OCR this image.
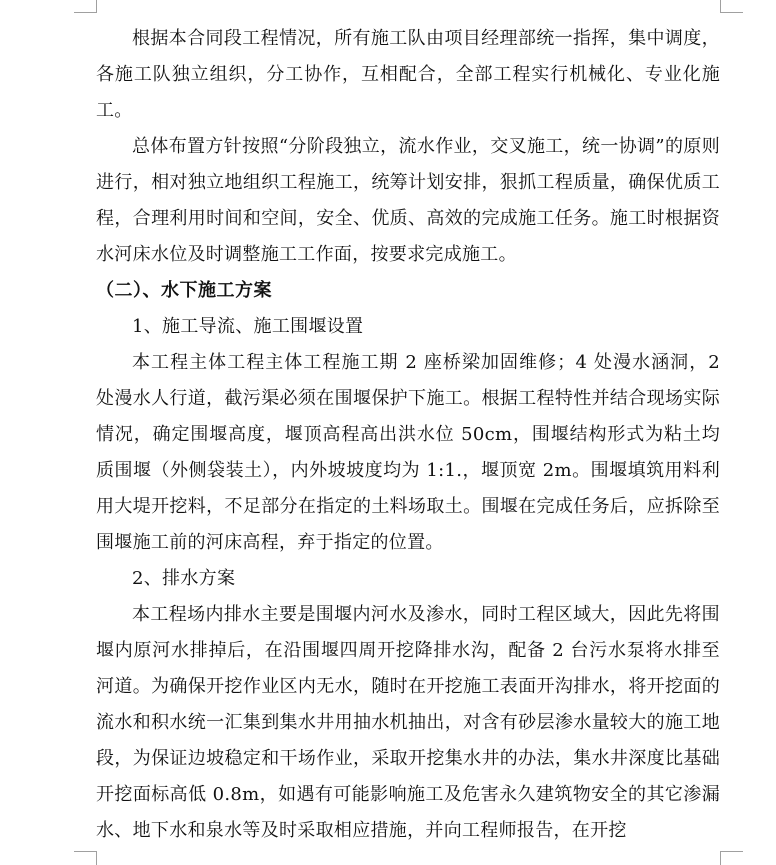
根据本合同段工程情况，所有施工队由项目经理部统一指挥，集中调度，各施工队独立组织，分工协作，互相配合，全部工程实行机械化、专业化施工。

总体布置方针按照“分阶段独立，流水作业，交叉施工，统一协调”的原则进行，相对独立地组织工程施工，统筹计划安排，狠抓工程质量，确保优质工程，合理利用时间和空间，安全、优质、高效的完成施工任务。施工时根据资水河床水位及时调整施工工作面，按要求完成施工。

（二）、水下施工方案

1、施工导流、施工围堰设置

本工程主体工程主体工程施工期 2 座桥梁加固维修；4 处漫水涵洞，2 处漫水人行道，截污渠必须在围堰保护下施工。根据工程特性并结合现场实际情况，确定围堰高度，堰顶高程高出洪水位 50cm，围堰结构形式为粘土均质围堰（外侧袋装土），内外坡坡度均为 1:1.，堰顶宽 2m。围堰填筑用料利用大堤开挖料，不足部分在指定的土料场取土。围堰在完成任务后，应拆除至围堰施工前的河床高程，弃于指定的位置。

2、排水方案

本工程场内排水主要是围堰内河水及渗水，同时工程区域大，因此先将围堰内原河水排掉后，在沿围堰四周开挖降排水沟，配备 2 台污水泵将水排至河道。为确保开挖作业区内无水，随时在开挖施工表面开沟排水，将开挖面的流水和积水统一汇集到集水井用抽水机抽出，对含有砂层渗水量较大的施工地段，为保证边坡稳定和干场作业，采取开挖集水井的办法，集水井深度比基础开挖面标高低 0.8m，如遇有可能影响施工及危害永久建筑物安全的其它渗漏水、地下水和泉水等及时采取相应措施，并向工程师报告，在开挖
